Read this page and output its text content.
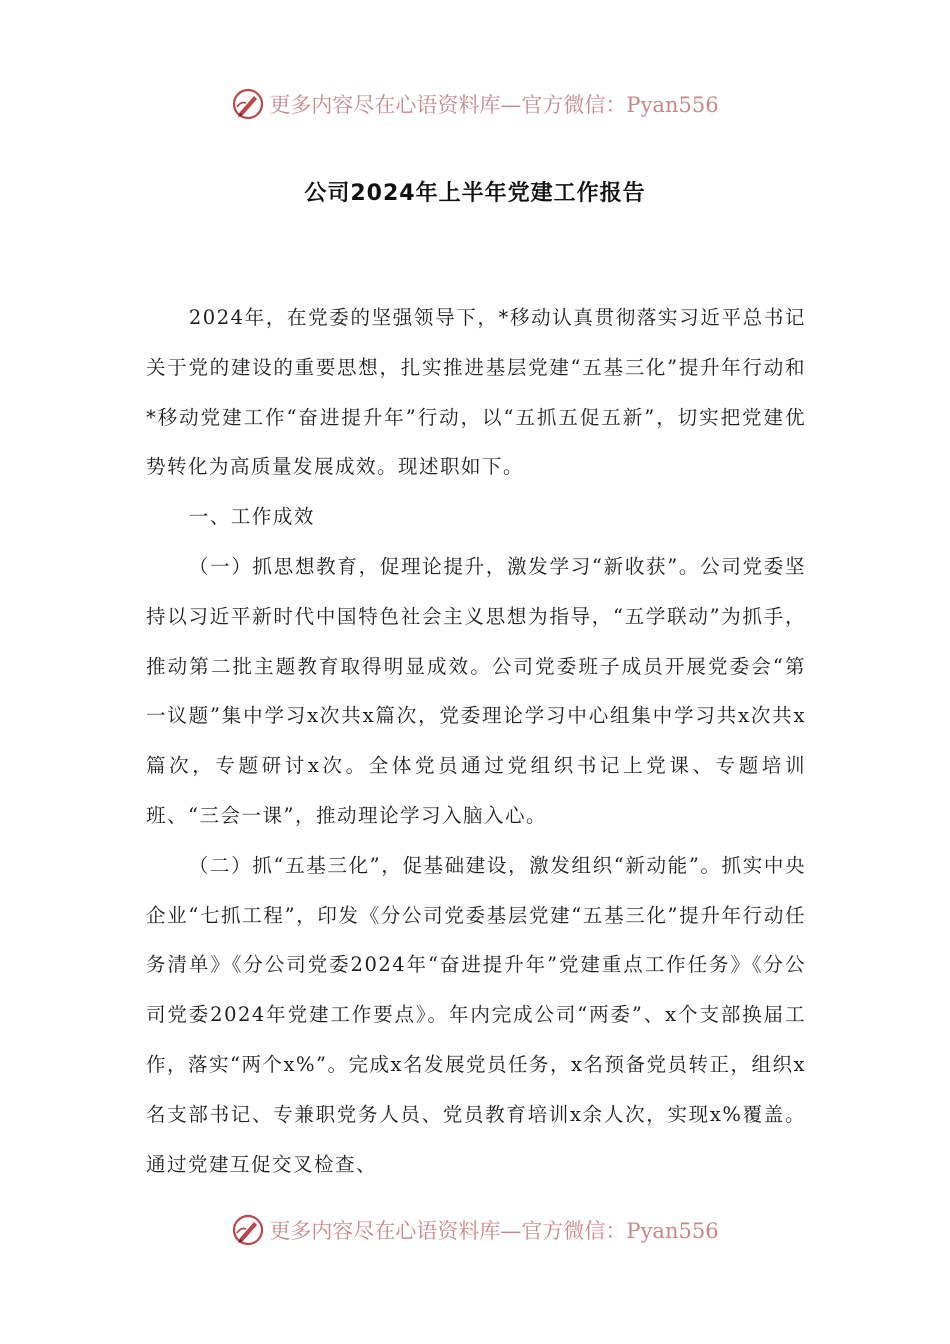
更多内容尽在心语资料库—官方微信：Pyan556
公司2024年上半年党建工作报告

2024年，在党委的坚强领导下，*移动认真贯彻落实习近平总书记关于党的建设的重要思想，扎实推进基层党建“五基三化”提升年行动和*移动党建工作“奋进提升年”行动，以“五抓五促五新”，切实把党建优势转化为高质量发展成效。现述职如下。

一、工作成效

（一）抓思想教育，促理论提升，激发学习“新收获”。公司党委坚持以习近平新时代中国特色社会主义思想为指导，“五学联动”为抓手，推动第二批主题教育取得明显成效。公司党委班子成员开展党委会“第一议题”集中学习x次共x篇次，党委理论学习中心组集中学习共x次共x篇次，专题研讨x次。全体党员通过党组织书记上党课、专题培训班、“三会一课”，推动理论学习入脑入心。

（二）抓“五基三化”，促基础建设，激发组织“新动能”。抓实中央企业“七抓工程”，印发《分公司党委基层党建“五基三化”提升年行动任务清单》《分公司党委2024年“奋进提升年”党建重点工作任务》《分公司党委2024年党建工作要点》。年内完成公司“两委”、x个支部换届工作，落实“两个x%”。完成x名发展党员任务，x名预备党员转正，组织x名支部书记、专兼职党务人员、党员教育培训x余人次，实现x%覆盖。通过党建互促交叉检查、

更多内容尽在心语资料库—官方微信：Pyan556
